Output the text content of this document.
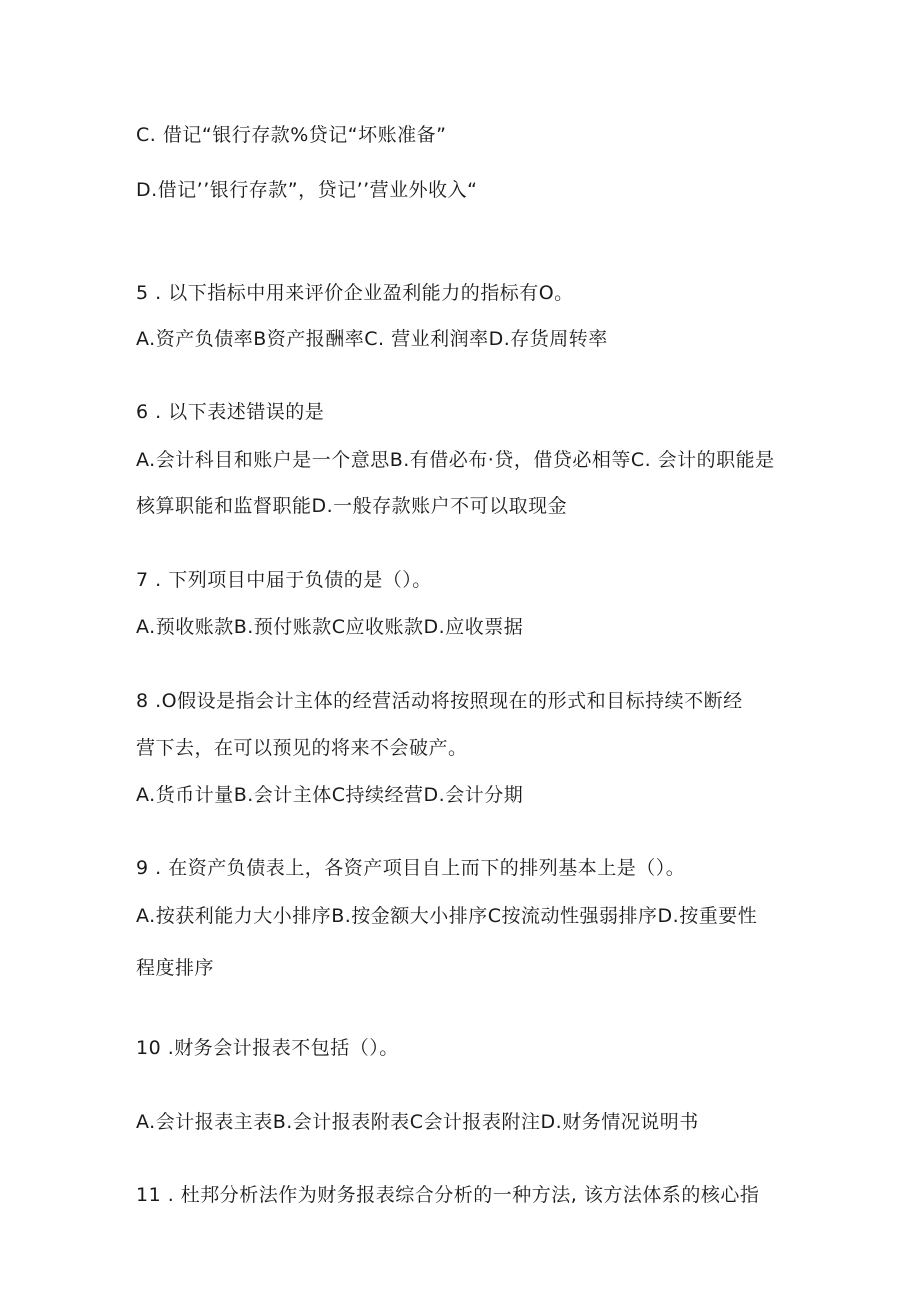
C. 借记“银行存款%贷记“坏账准备”
D.借记’’银行存款”，贷记’’营业外收入“
5 . 以下指标中用来评价企业盈利能力的指标有O。
A.资产负债率B资产报酬率C. 营业利润率D.存货周转率
6 . 以下表述错误的是
A.会计科目和账户是一个意思B.有借必布·贷，借贷必相等C. 会计的职能是
核算职能和监督职能D.一般存款账户不可以取现金
7 . 下列项目中届于负债的是（）。
A.预收账款B.预付账款C应收账款D.应收票据
8 .O假设是指会计主体的经营活动将按照现在的形式和目标持续不断经
营下去，在可以预见的将来不会破产。
A.货币计量B.会计主体C持续经营D.会计分期
9 . 在资产负债表上，各资产项目自上而下的排列基本上是（）。
A.按获利能力大小排序B.按金额大小排序C按流动性强弱排序D.按重要性
程度排序
10 .财务会计报表不包括（）。
A.会计报表主表B.会计报表附表C会计报表附注D.财务情况说明书
11 . 杜邦分析法作为财务报表综合分析的一种方法, 该方法体系的核心指
